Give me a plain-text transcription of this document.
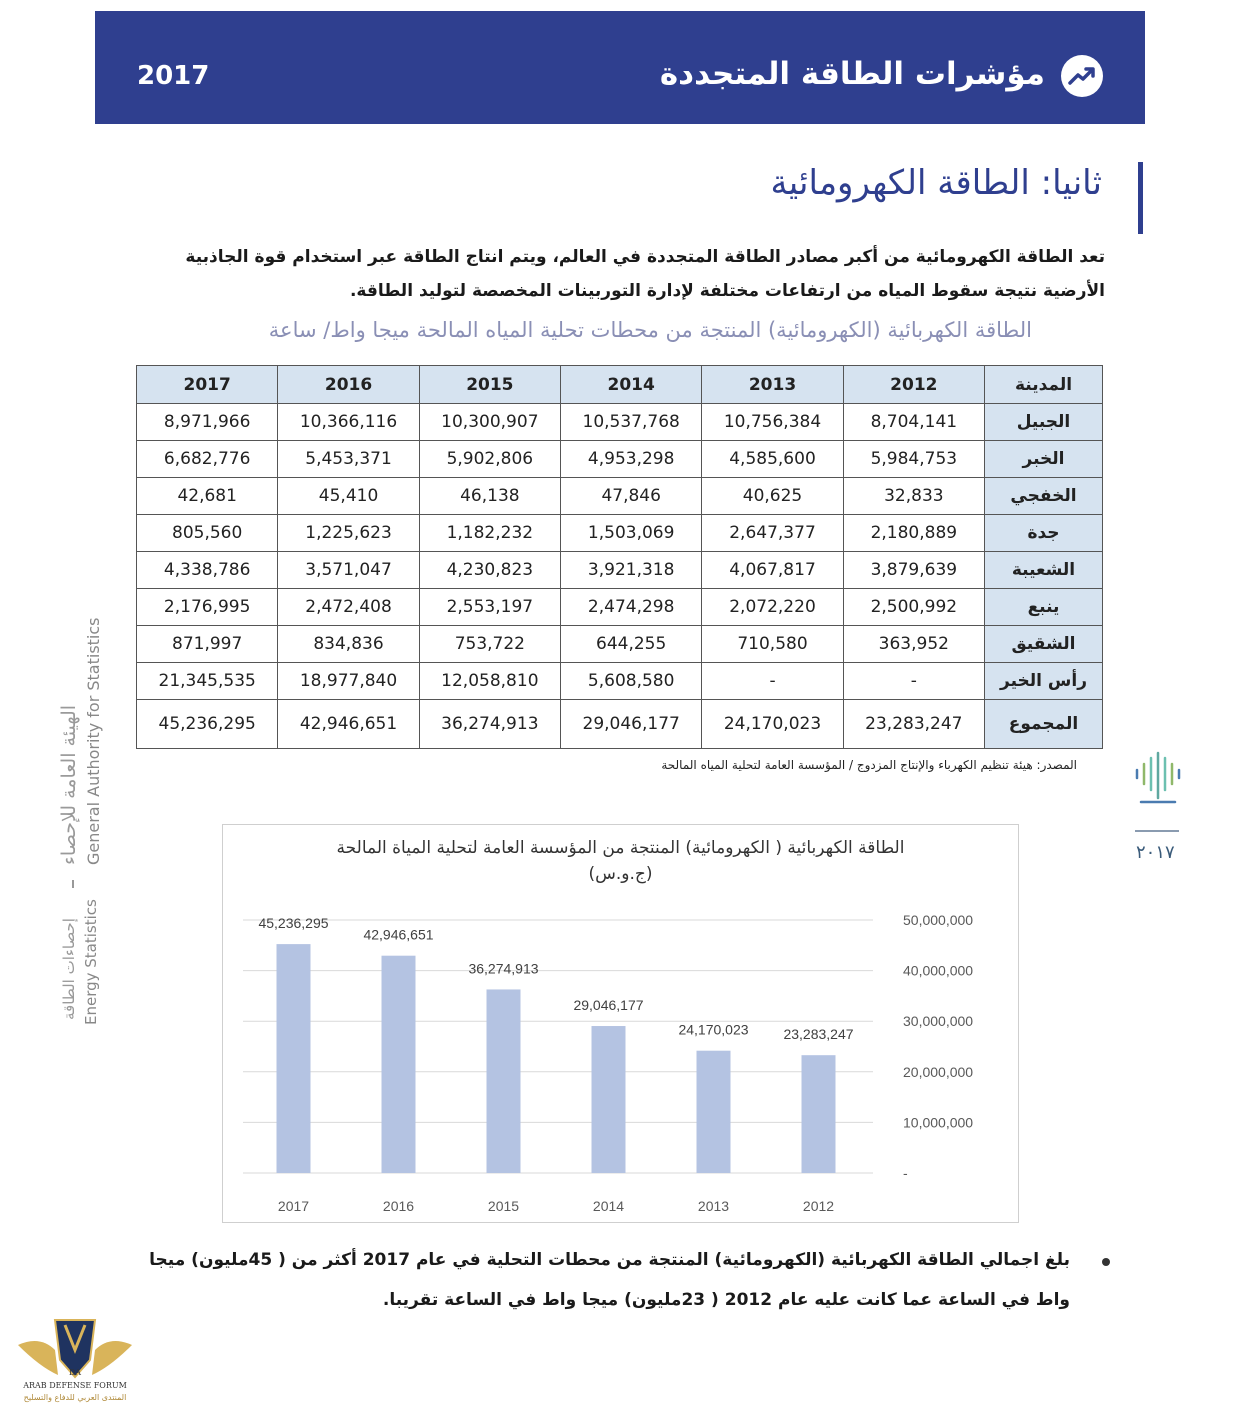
2017	مؤشرات الطاقة المتجددة
ثانيا: الطاقة الكهرومائية
تعد الطاقة الكهرومائية من أكبر مصادر الطاقة المتجددة في العالم، ويتم انتاج الطاقة عبر استخدام قوة الجاذبية الأرضية نتيجة سقوط المياه من ارتفاعات مختلفة لإدارة التوربينات المخصصة لتوليد الطاقة.
الطاقة الكهربائية (الكهرومائية) المنتجة من محطات تحلية المياه المالحة ميجا واط/ ساعة
المدينة	2012	2013	2014	2015	2016	2017
الجبيل	8,704,141	10,756,384	10,537,768	10,300,907	10,366,116	8,971,966
الخبر	5,984,753	4,585,600	4,953,298	5,902,806	5,453,371	6,682,776
الخفجي	32,833	40,625	47,846	46,138	45,410	42,681
جدة	2,180,889	2,647,377	1,503,069	1,182,232	1,225,623	805,560
الشعيبة	3,879,639	4,067,817	3,921,318	4,230,823	3,571,047	4,338,786
ينبع	2,500,992	2,072,220	2,474,298	2,553,197	2,472,408	2,176,995
الشقيق	363,952	710,580	644,255	753,722	834,836	871,997
رأس الخير	-	-	5,608,580	12,058,810	18,977,840	21,345,535
المجموع	23,283,247	24,170,023	29,046,177	36,274,913	42,946,651	45,236,295
المصدر: هيئة تنظيم الكهرباء والإنتاج المزدوج / المؤسسة العامة لتحلية المياه المالحة
الهيئة العامة للإحصاء General Authority for Statistics
إحصاءات الطاقة Energy Statistics
٢٠١٧
الطاقة الكهربائية ( الكهرومائية) المنتجة من المؤسسة العامة لتحلية المياة المالحة
(ج.و.س)
-
10,000,000
20,000,000
30,000,000
40,000,000
50,000,000
45,236,295
2017
42,946,651
2016
36,274,913
2015
29,046,177
2014
24,170,023
2013
23,283,247
2012
بلغ اجمالي الطاقة الكهربائية (الكهرومائية) المنتجة من محطات التحلية في عام 2017 أكثر من ( 45مليون) ميجا واط في الساعة عما كانت عليه عام 2012 ( 23مليون) ميجا واط في الساعة تقريبا.
DA
ARAB DEFENSE FORUM
المنتدى العربي للدفاع والتسليح
